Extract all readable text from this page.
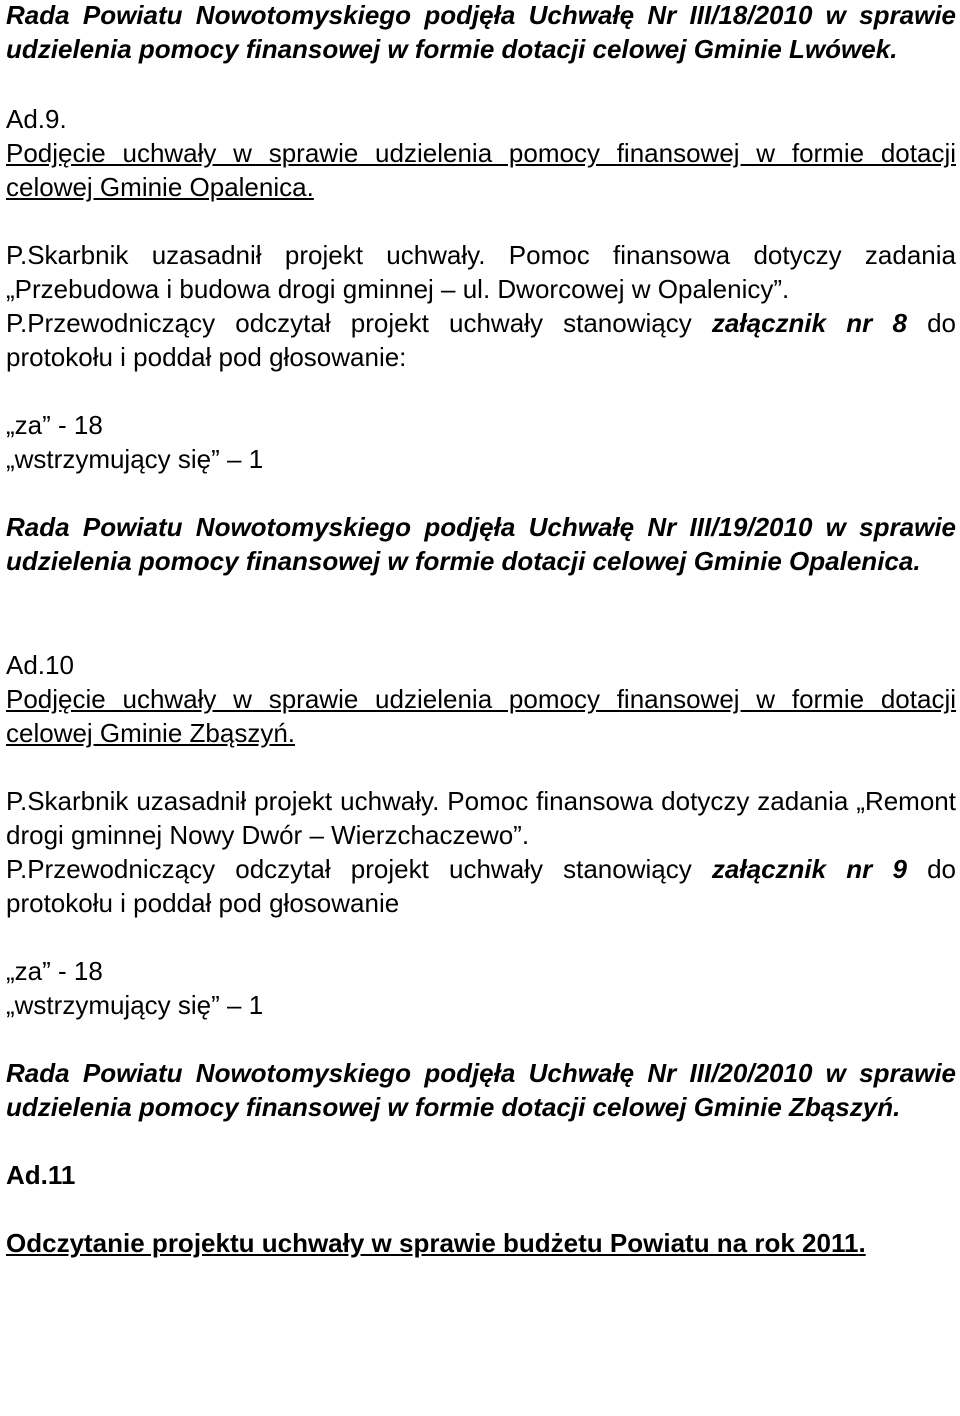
Rada Powiatu Nowotomyskiego podjęła Uchwałę Nr III/18/2010 w sprawie udzielenia pomocy finansowej w formie dotacji celowej Gminie Lwówek.

Ad.9.

Podjęcie uchwały w sprawie udzielenia pomocy finansowej w formie dotacji celowej Gminie Opalenica.

P.Skarbnik uzasadnił projekt uchwały. Pomoc finansowa dotyczy zadania „Przebudowa i budowa drogi gminnej – ul. Dworcowej w Opalenicy”.

P.Przewodniczący odczytał projekt uchwały stanowiący załącznik nr 8 do protokołu i poddał pod głosowanie:

„za” - 18

„wstrzymujący się” – 1

Rada Powiatu Nowotomyskiego podjęła Uchwałę Nr III/19/2010 w sprawie udzielenia pomocy finansowej w formie dotacji celowej Gminie Opalenica.

Ad.10

Podjęcie uchwały w sprawie udzielenia pomocy finansowej w formie dotacji celowej Gminie Zbąszyń.

P.Skarbnik uzasadnił projekt uchwały. Pomoc finansowa dotyczy zadania „Remont drogi gminnej Nowy Dwór – Wierzchaczewo”.

P.Przewodniczący odczytał projekt uchwały stanowiący załącznik nr 9 do protokołu i poddał pod głosowanie

„za” - 18

„wstrzymujący się” – 1

Rada Powiatu Nowotomyskiego podjęła Uchwałę Nr III/20/2010 w sprawie udzielenia pomocy finansowej w formie dotacji celowej Gminie Zbąszyń.

Ad.11

Odczytanie projektu uchwały w sprawie budżetu Powiatu na rok 2011.
